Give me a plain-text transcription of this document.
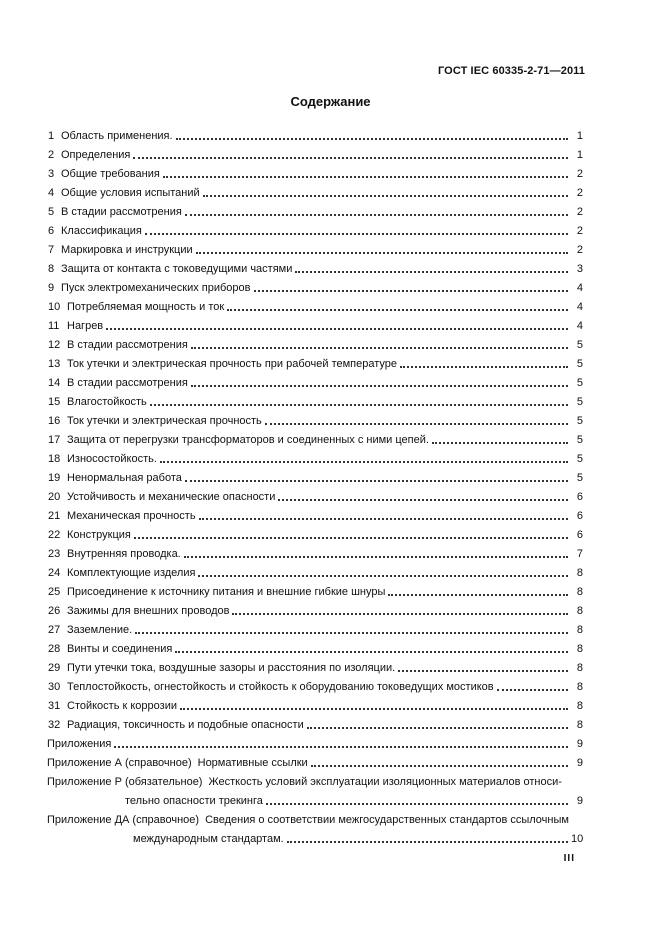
ГОСТ IEC 60335-2-71—2011
Содержание
1 Область применения.	1
2 Определения	1
3 Общие требования	2
4 Общие условия испытаний	2
5 В стадии рассмотрения	2
6 Классификация	2
7 Маркировка и инструкции	2
8 Защита от контакта с токоведущими частями	3
9 Пуск электромеханических приборов	4
10 Потребляемая мощность и ток	4
11 Нагрев	4
12 В стадии рассмотрения	5
13 Ток утечки и электрическая прочность при рабочей температуре	5
14 В стадии рассмотрения	5
15 Влагостойкость	5
16 Ток утечки и электрическая прочность	5
17 Защита от перегрузки трансформаторов и соединенных с ними цепей.	5
18 Износостойкость.	5
19 Ненормальная работа	5
20 Устойчивость и механические опасности	6
21 Механическая прочность	6
22 Конструкция	6
23 Внутренняя проводка.	7
24 Комплектующие изделия	8
25 Присоединение к источнику питания и внешние гибкие шнуры	8
26 Зажимы для внешних проводов	8
27 Заземление.	8
28 Винты и соединения	8
29 Пути утечки тока, воздушные зазоры и расстояния по изоляции.	8
30 Теплостойкость, огнестойкость и стойкость к оборудованию токоведущих мостиков	8
31 Стойкость к коррозии	8
32 Радиация, токсичность и подобные опасности	8
Приложения	9
Приложение А (справочное) Нормативные ссылки	9
Приложение Р (обязательное) Жесткость условий эксплуатации изоляционных материалов относи-
тельно опасности трекинга	9
Приложение ДА (справочное) Сведения о соответствии межгосударственных стандартов ссылочным
международным стандартам.	10
III
